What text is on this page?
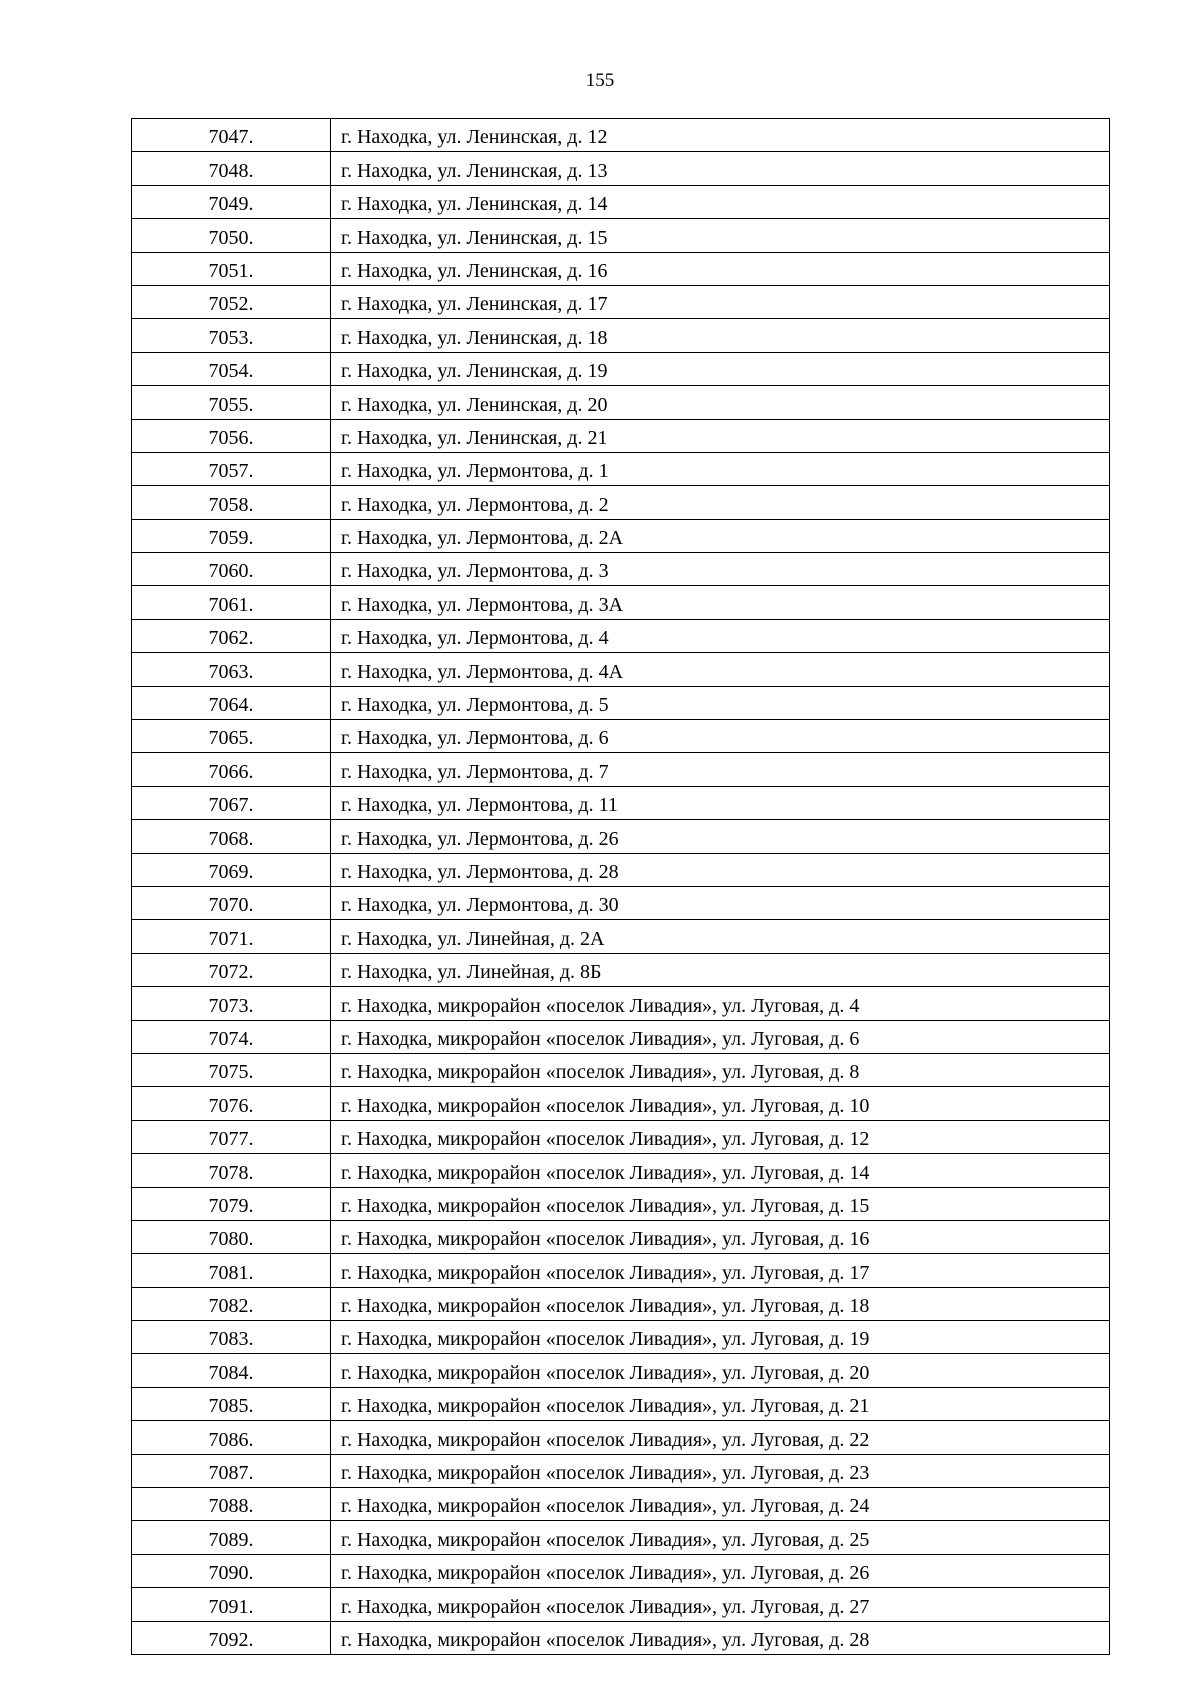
155
7047.	г. Находка, ул. Ленинская, д. 12
7048.	г. Находка, ул. Ленинская, д. 13
7049.	г. Находка, ул. Ленинская, д. 14
7050.	г. Находка, ул. Ленинская, д. 15
7051.	г. Находка, ул. Ленинская, д. 16
7052.	г. Находка, ул. Ленинская, д. 17
7053.	г. Находка, ул. Ленинская, д. 18
7054.	г. Находка, ул. Ленинская, д. 19
7055.	г. Находка, ул. Ленинская, д. 20
7056.	г. Находка, ул. Ленинская, д. 21
7057.	г. Находка, ул. Лермонтова, д. 1
7058.	г. Находка, ул. Лермонтова, д. 2
7059.	г. Находка, ул. Лермонтова, д. 2А
7060.	г. Находка, ул. Лермонтова, д. 3
7061.	г. Находка, ул. Лермонтова, д. 3А
7062.	г. Находка, ул. Лермонтова, д. 4
7063.	г. Находка, ул. Лермонтова, д. 4А
7064.	г. Находка, ул. Лермонтова, д. 5
7065.	г. Находка, ул. Лермонтова, д. 6
7066.	г. Находка, ул. Лермонтова, д. 7
7067.	г. Находка, ул. Лермонтова, д. 11
7068.	г. Находка, ул. Лермонтова, д. 26
7069.	г. Находка, ул. Лермонтова, д. 28
7070.	г. Находка, ул. Лермонтова, д. 30
7071.	г. Находка, ул. Линейная, д. 2А
7072.	г. Находка, ул. Линейная, д. 8Б
7073.	г. Находка, микрорайон «поселок Ливадия», ул. Луговая, д. 4
7074.	г. Находка, микрорайон «поселок Ливадия», ул. Луговая, д. 6
7075.	г. Находка, микрорайон «поселок Ливадия», ул. Луговая, д. 8
7076.	г. Находка, микрорайон «поселок Ливадия», ул. Луговая, д. 10
7077.	г. Находка, микрорайон «поселок Ливадия», ул. Луговая, д. 12
7078.	г. Находка, микрорайон «поселок Ливадия», ул. Луговая, д. 14
7079.	г. Находка, микрорайон «поселок Ливадия», ул. Луговая, д. 15
7080.	г. Находка, микрорайон «поселок Ливадия», ул. Луговая, д. 16
7081.	г. Находка, микрорайон «поселок Ливадия», ул. Луговая, д. 17
7082.	г. Находка, микрорайон «поселок Ливадия», ул. Луговая, д. 18
7083.	г. Находка, микрорайон «поселок Ливадия», ул. Луговая, д. 19
7084.	г. Находка, микрорайон «поселок Ливадия», ул. Луговая, д. 20
7085.	г. Находка, микрорайон «поселок Ливадия», ул. Луговая, д. 21
7086.	г. Находка, микрорайон «поселок Ливадия», ул. Луговая, д. 22
7087.	г. Находка, микрорайон «поселок Ливадия», ул. Луговая, д. 23
7088.	г. Находка, микрорайон «поселок Ливадия», ул. Луговая, д. 24
7089.	г. Находка, микрорайон «поселок Ливадия», ул. Луговая, д. 25
7090.	г. Находка, микрорайон «поселок Ливадия», ул. Луговая, д. 26
7091.	г. Находка, микрорайон «поселок Ливадия», ул. Луговая, д. 27
7092.	г. Находка, микрорайон «поселок Ливадия», ул. Луговая, д. 28
